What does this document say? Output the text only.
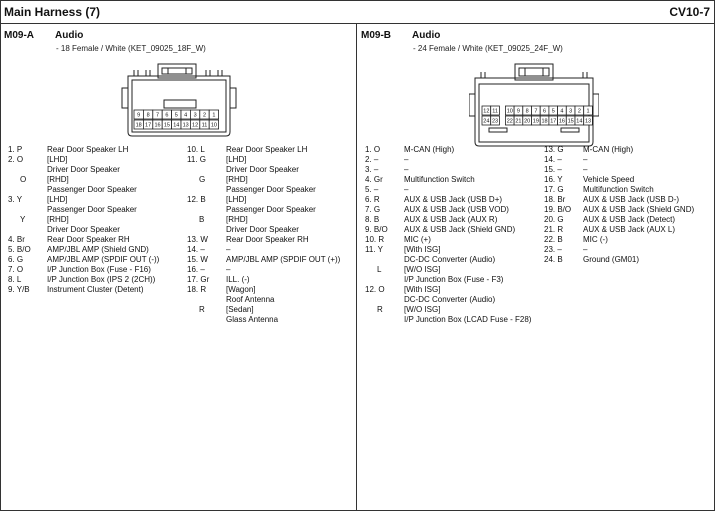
Main Harness (7)	CV10-7
M09-A Audio
- 18 Female / White (KET_09025_18F_W)
9 8 7 6 5 4 3 2 1
18 17 16 15 14 13 12 11 10
1. P	Rear Door Speaker LH
2. O	[LHD]
Driver Door Speaker
O	[RHD]
Passenger Door Speaker
3. Y	[LHD]
Passenger Door Speaker
Y	[RHD]
Driver Door Speaker
4. Br	Rear Door Speaker RH
5. B/O AMP/JBL AMP (Shield GND)
6. G	AMP/JBL AMP (SPDIF OUT (-))
7. O	I/P Junction Box (Fuse - F16)
8. L	I/P Junction Box (IPS 2 (2CH))
9. Y/B Instrument Cluster (Detent)
10. L	Rear Door Speaker LH
11. G	[LHD]
Driver Door Speaker
G	[RHD]
Passenger Door Speaker
12. B	[LHD]
Passenger Door Speaker
B	[RHD]
Driver Door Speaker
13. W Rear Door Speaker RH
14. –	–
15. W AMP/JBL AMP (SPDIF OUT (+))
16. –	–
17. Gr ILL. (-)
18. R [Wagon]
Roof Antenna
R	[Sedan]
Glass Antenna
M09-B Audio
- 24 Female / White (KET_09025_24F_W)
12 11 10 9 8 7 6 5 4 3 2 1
24 23 22 21 20 19 18 17 16 15 14 13
1. O	M-CAN (High)
2. –	–
3. –	–
4. Gr	Multifunction Switch
5. –	–
6. R	AUX & USB Jack (USB D+)
7. G	AUX & USB Jack (USB VOD)
8. B	AUX & USB Jack (AUX R)
9. B/O AUX & USB Jack (Shield GND)
10. R MIC (+)
11. Y	[With ISG]
DC-DC Converter (Audio)
L	[W/O ISG]
I/P Junction Box (Fuse - F3)
12. O [With ISG]
DC-DC Converter (Audio)
R	[W/O ISG]
I/P Junction Box (LCAD Fuse - F28)
13. G M-CAN (High)
14. –	–
15. –	–
16. Y	Vehicle Speed
17. G Multifunction Switch
18. Br AUX & USB Jack (USB D-)
19. B/O AUX & USB Jack (Shield GND)
20. G AUX & USB Jack (Detect)
21. R AUX & USB Jack (AUX L)
22. B	MIC (-)
23. –	–
24. B	Ground (GM01)
